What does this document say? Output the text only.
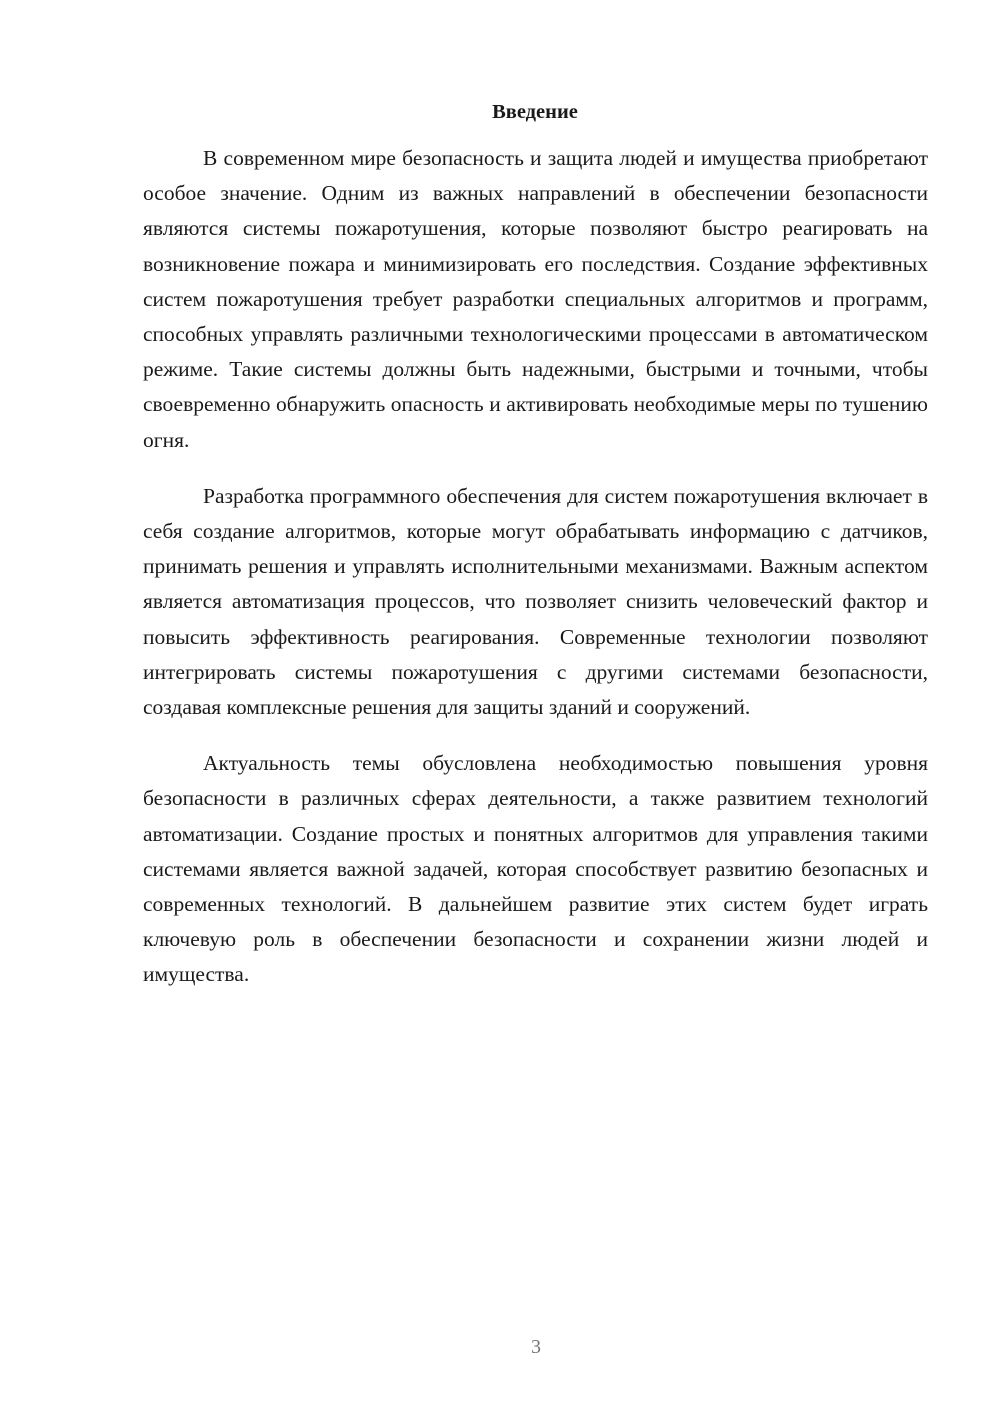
Введение

В современном мире безопасность и защита людей и имущества приобретают особое значение. Одним из важных направлений в обеспечении безопасности являются системы пожаротушения, которые позволяют быстро реагировать на возникновение пожара и минимизировать его последствия. Создание эффективных систем пожаротушения требует разработки специальных алгоритмов и программ, способных управлять различными технологическими процессами в автоматическом режиме. Такие системы должны быть надежными, быстрыми и точными, чтобы своевременно обнаружить опасность и активировать необходимые меры по тушению огня.

Разработка программного обеспечения для систем пожаротушения включает в себя создание алгоритмов, которые могут обрабатывать информацию с датчиков, принимать решения и управлять исполнительными механизмами. Важным аспектом является автоматизация процессов, что позволяет снизить человеческий фактор и повысить эффективность реагирования. Современные технологии позволяют интегрировать системы пожаротушения с другими системами безопасности, создавая комплексные решения для защиты зданий и сооружений.

Актуальность темы обусловлена необходимостью повышения уровня безопасности в различных сферах деятельности, а также развитием технологий автоматизации. Создание простых и понятных алгоритмов для управления такими системами является важной задачей, которая способствует развитию безопасных и современных технологий. В дальнейшем развитие этих систем будет играть ключевую роль в обеспечении безопасности и сохранении жизни людей и имущества.

3
